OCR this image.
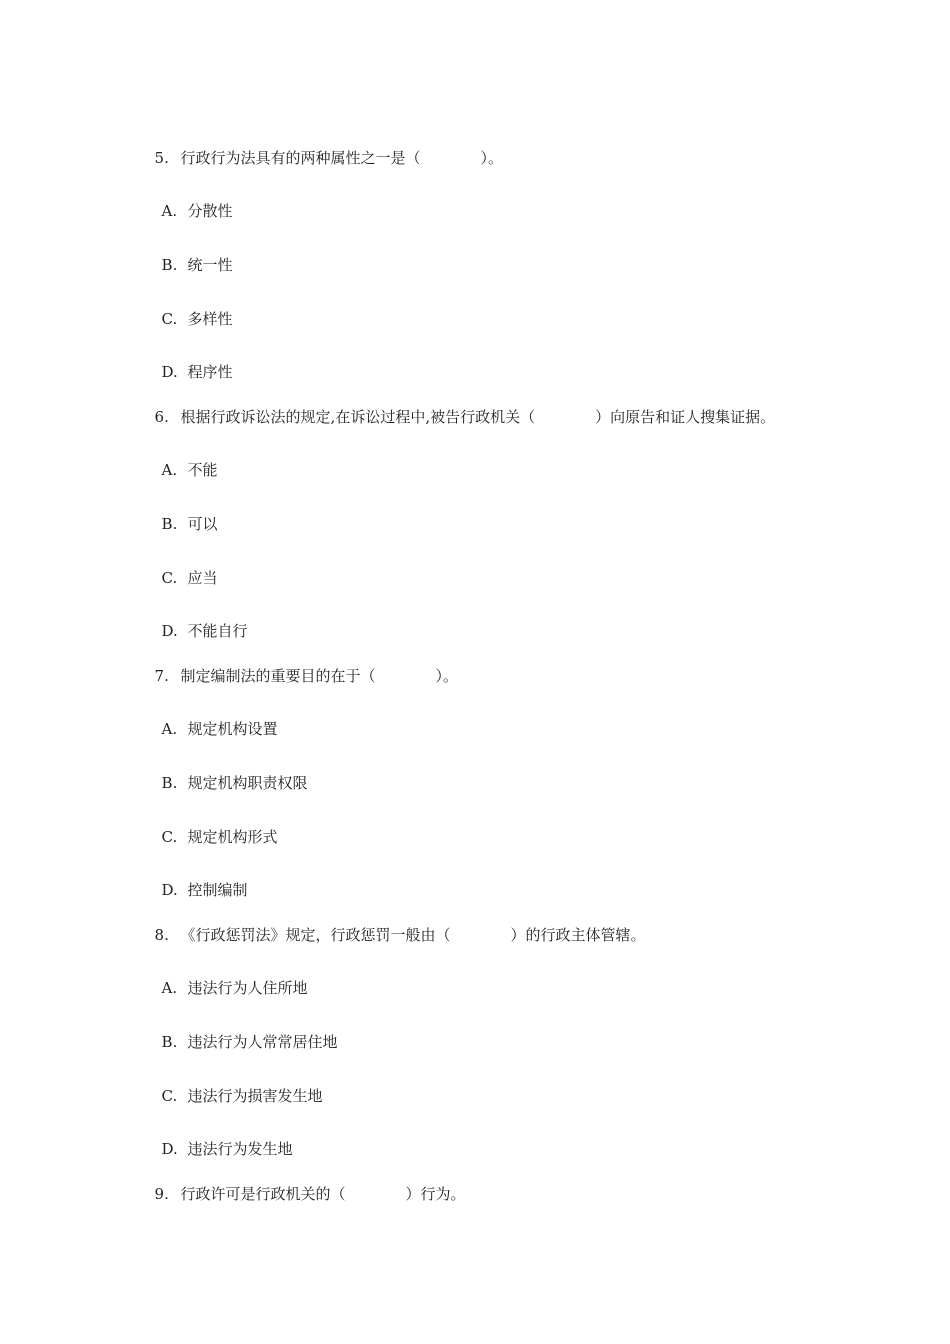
5. 行政行为法具有的两种属性之一是（　　　　）。

A. 分散性

B. 统一性

C. 多样性

D. 程序性

6. 根据行政诉讼法的规定,在诉讼过程中,被告行政机关（　　　　）向原告和证人搜集证据。

A. 不能

B. 可以

C. 应当

D. 不能自行

7. 制定编制法的重要目的在于（　　　　）。

A. 规定机构设置

B. 规定机构职责权限

C. 规定机构形式

D. 控制编制

8. 《行政惩罚法》规定，行政惩罚一般由（　　　　）的行政主体管辖。

A. 违法行为人住所地

B. 违法行为人常常居住地

C. 违法行为损害发生地

D. 违法行为发生地

9. 行政许可是行政机关的（　　　　）行为。
